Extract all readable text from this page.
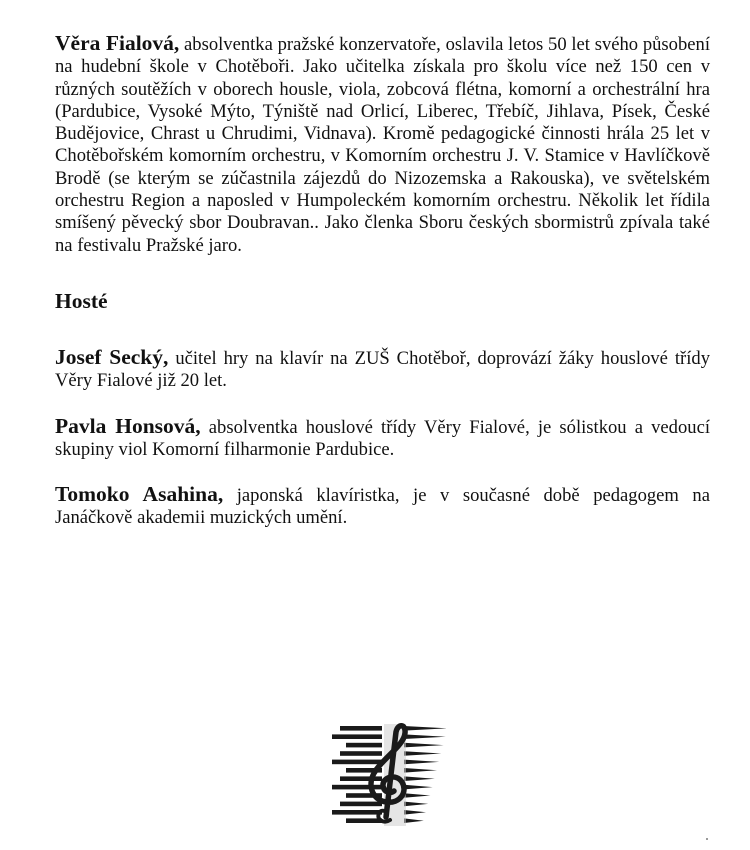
Věra Fialová, absolventka pražské konzervatoře, oslavila letos 50 let svého působení na hudební škole v Chotěboři. Jako učitelka získala pro školu více než 150 cen v různých soutěžích v oborech housle, viola, zobcová flétna, komorní a orchestrální hra (Pardubice, Vysoké Mýto, Týniště nad Orlicí, Liberec, Třebíč, Jihlava, Písek, České Budějovice, Chrast u Chrudimi, Vidnava). Kromě pedagogické činnosti hrála 25 let v Chotěbořském komorním orchestru, v Komorním orchestru J. V. Stamice v Havlíčkově Brodě (se kterým se zúčastnila zájezdů do Nizozemska a Rakouska), ve světelském orchestru Region a naposled v Humpoleckém komorním orchestru. Několik let řídila smíšený pěvecký sbor Doubravan.. Jako členka Sboru českých sbormistrů zpívala také na festivalu Pražské jaro.

Hosté

Josef Secký, učitel hry na klavír na ZUŠ Chotěboř, doprovází žáky houslové třídy Věry Fialové již 20 let.

Pavla Honsová, absolventka houslové třídy Věry Fialové, je sólistkou a vedoucí skupiny viol Komorní filharmonie Pardubice.

Tomoko Asahina, japonská klavíristka, je v současné době pedagogem na Janáčkově akademii muzických umění.
